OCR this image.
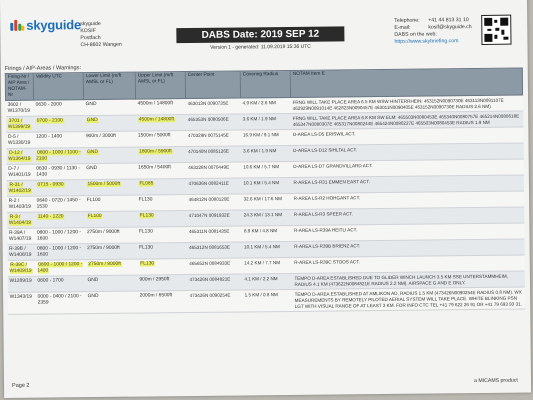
skyguide skyguide
KOSIF
Postfach
CH-8602 Wangen
DABS Date: 2019 SEP 12
Version 1 - generated: 11.09.2019 15:36 UTC
Telephone: +41 44 813 31 10
E-mail:	kosif@skyguide.ch
DABS on the web:
https://www.skybriefing.com
Firings / AIP-Areas / Warnings:
Firing-Nr / AIP Area / NOTAM-Nr	Validity UTC	Lower Limit (m/ft AMSL or FL)	Upper Limit (m/ft AMSL or FL)	Center Point	Covering Radius	NOTAM Item E
3602 / W1370/19	0630 - 2000	GND	4500m / 14800ft	463013N 0090735E	4.9 KM / 2.6 NM	FRNG WILL TAKE PLACE AREA 6.5 KM WSW HINTERRHEIN: 463152N0090730E 463113N0091107E 462929N0091014E 462823N0090457E 463011N0090405E 463152N0090730E RADIUS 2.6 NM)
3701 / W1399/19	0700 - 2100	GND	4500m / 14800ft	465353N 0080506E	3.6 KM / 1.9 NM	FRNG WILL TAKE PLACE AREA 6.8 KM SW ELM: 465503N0080453E 465340N0080757E 465214N0080618E 465347N0080307E 465317N0080244E 465424N0080227E 465503N0080453E RADIUS 1.9 NM
D-5 / W1330/19	1200 - 1400	900m / 3000ft	1500m / 5000ft	470329N 0075145E	16.9 KM / 9.1 NM	D-AREA LS-D5 ERISWIL ACT.
D-12 / W1364/19	0800 - 1000 / 1100 - 2100	GND	1800m / 5900ft	470140N 0085126E	3.6 KM / 1.9 NM	D-AREA LS-D12 SIHLTAL ACT.
D-7 / W1401/19	0630 - 0930 / 1130 - 1430	GND	1650m / 5400ft	463228N 0070449E	10.6 KM / 5.7 NM	D-AREA LS-D7 GRANDVILLARD ACT.
R-31 / W1402/19	0715 - 0930	1500m / 5000ft	FL085	470636N 0082411E	10.1 KM / 5.4 NM	R-AREA LS-R31 EMMEN EAST ACT.
R-2 / W1403/19	0640 - 0720 / 1450 - 1530	FL100	FL130	464812N 0080120E	32.6 KM / 17.6 NM	R-AREA LS-R2 HOHGANT ACT.
R-3 / W1404/19	1140 - 1220	FL100	FL130	471047N 0091932E	24.3 KM / 13.1 NM	R-AREA LS-R3 SPEER ACT.
R-39A / W1407/19	0800 - 1000 / 1200 - 1600	2750m / 9000ft	FL130	465311N 0081435E	8.9 KM / 4.8 NM	R-AREA LS-R39A HEITLI ACT.
R-39B / W1408/19	0800 - 1000 / 1200 - 1600	2750m / 9000ft	FL130	465312N 0081653E	10.1 KM / 5.4 NM	R-AREA LS-R39B BRIENZ ACT.
R-39C / W1409/19	0800 - 1000 / 1200 - 1400	2750m / 9000ft	FL130	465652N 0084933E	14.2 KM / 7.7 NM	R-AREA LS-R39C STOOS ACT.
W1289/19	0800 - 1700	GND	900m / 2950ft	473426N 0084821E	4.1 KM / 2.2 NM	TEMPO D-AREA ESTABLISHED DUE TO GLIDER WINCH LAUNCH 3.5 KM SSE UNTERSTAMMHEIM, RADIUS 4.1 KM (473622N0084821E RADIUS 2.2 NM). AIRSPACE G AND E ONLY.
W1343/19	0000 - 0400 / 2100 - 2359	GND	2000m / 6500ft	473426N 0090254E	1.5 KM / 0.8 NM	TEMPO D-AREA ESTABLISHED AT AMLIKON AD, RADIUS 1.5 KM (473426N0090254E RADIUS 0.8 NM). WX MEASUREMENTS BY REMOTELY PILOTED AERIAL SYSTEM WILL TAKE PLACE. WHITE BLINKING PSN LGT WITH VISUAL RANGE OF AT LEAST 3 KM. FOR INFO CTC TEL +41 79 622 26 91 OR +41 79 693 93 31.
Page 2
a MICAMS product
